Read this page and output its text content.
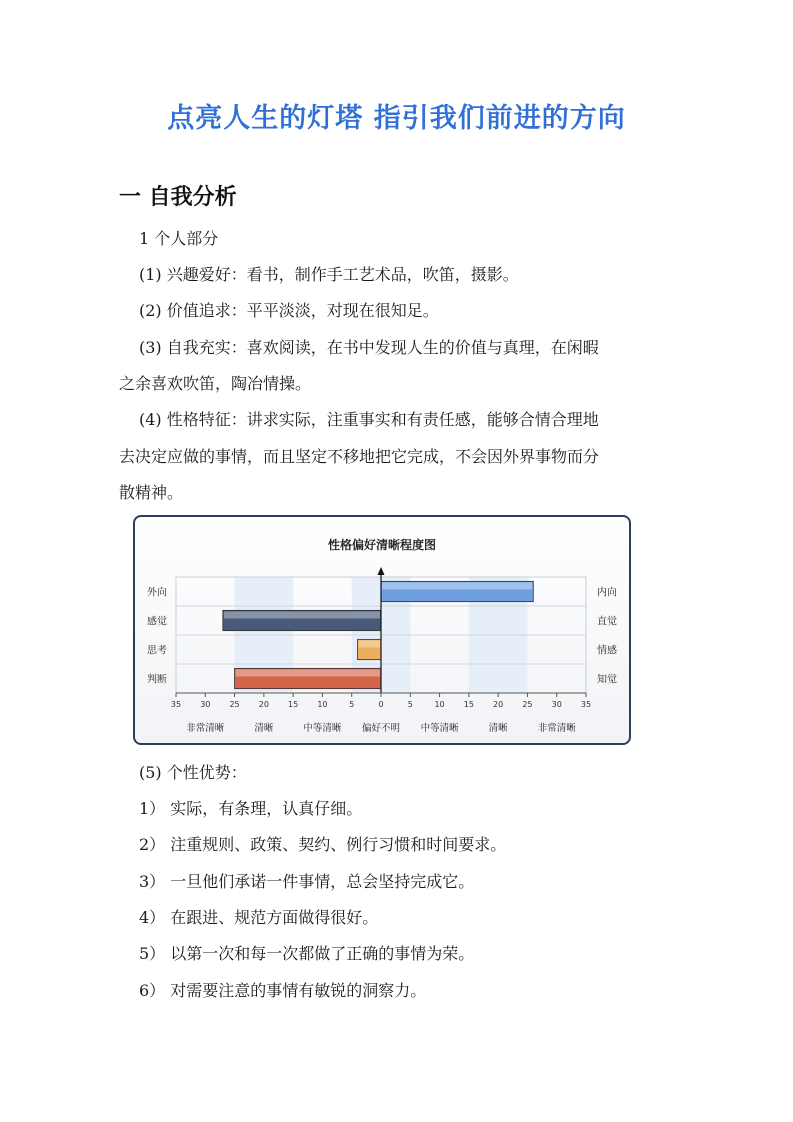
点亮人生的灯塔 指引我们前进的方向
一 自我分析
1 个人部分
(1) 兴趣爱好：看书，制作手工艺术品，吹笛，摄影。
(2) 价值追求：平平淡淡，对现在很知足。
(3) 自我充实：喜欢阅读，在书中发现人生的价值与真理，在闲暇
之余喜欢吹笛，陶冶情操。
(4) 性格特征：讲求实际，注重事实和有责任感，能够合情合理地
去决定应做的事情，而且坚定不移地把它完成，不会因外界事物而分
散精神。
性格偏好清晰程度图
外向	内向
感觉	直觉
思考	情感
判断	知觉
35 30 25 20 15 10	5	0	5	10 15 20 25 30 35
非常清晰	清晰	中等清晰 偏好不明 中等清晰	清晰	非常清晰
(5) 个性优势：
1） 实际，有条理，认真仔细。
2） 注重规则、政策、契约、例行习惯和时间要求。
3） 一旦他们承诺一件事情，总会坚持完成它。
4） 在跟进、规范方面做得很好。
5） 以第一次和每一次都做了正确的事情为荣。
6） 对需要注意的事情有敏锐的洞察力。
